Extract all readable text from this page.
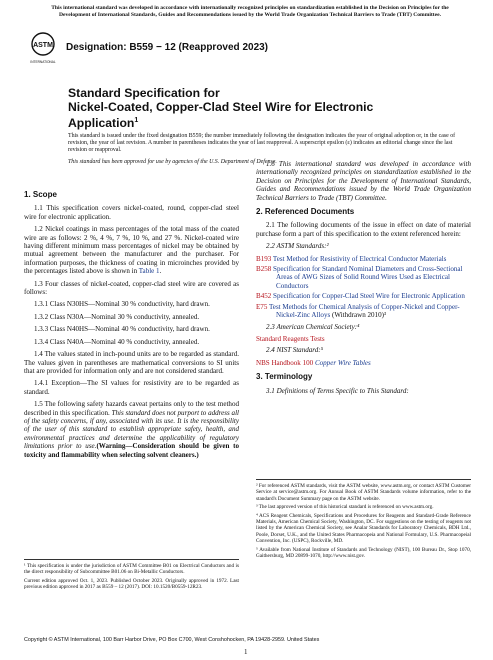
This international standard was developed in accordance with internationally recognized principles on standardization established in the Decision on Principles for the Development of International Standards, Guides and Recommendations issued by the World Trade Organization Technical Barriers to Trade (TBT) Committee.
ASTM
INTERNATIONAL
Designation: B559 − 12 (Reapproved 2023)
Standard Specification for
Nickel-Coated, Copper-Clad Steel Wire for Electronic Application$^1$
This standard is issued under the fixed designation B559; the number immediately following the designation indicates the year of original adoption or, in the case of revision, the year of last revision. A number in parentheses indicates the year of last reapproval. A superscript epsilon (ε) indicates an editorial change since the last revision or reapproval.
This standard has been approved for use by agencies of the U.S. Department of Defense.
1. Scope

1.1 This specification covers nickel-coated, round, copper-clad steel wire for electronic application.

1.2 Nickel coatings in mass percentages of the total mass of the coated wire are as follows: 2 %, 4 %, 7 %, 10 %, and 27 %. Nickel-coated wire having different minimum mass percentages of nickel may be obtained by mutual agreement between the manufacturer and the purchaser. For information purposes, the thickness of coating in microinches provided by the percentages listed above is shown in Table 1.

1.3 Four classes of nickel-coated, copper-clad steel wire are covered as follows:

1.3.1 Class N30HS—Nominal 30 % conductivity, hard drawn.

1.3.2 Class N30A—Nominal 30 % conductivity, annealed.

1.3.3 Class N40HS—Nominal 40 % conductivity, hard drawn.

1.3.4 Class N40A—Nominal 40 % conductivity, annealed.

1.4 The values stated in inch-pound units are to be regarded as standard. The values given in parentheses are mathematical conversions to SI units that are provided for information only and are not considered standard.

1.4.1 Exception—The SI values for resistivity are to be regarded as standard.

1.5 The following safety hazards caveat pertains only to the test method described in this specification. This standard does not purport to address all of the safety concerns, if any, associated with its use. It is the responsibility of the user of this standard to establish appropriate safety, health, and environmental practices and determine the applicability of regulatory limitations prior to use.(Warning—Consideration should be given to toxicity and flammability when selecting solvent cleaners.)

1.6 This international standard was developed in accordance with internationally recognized principles on standardization established in the Decision on Principles for the Development of International Standards, Guides and Recommendations issued by the World Trade Organization Technical Barriers to Trade (TBT) Committee.

2. Referenced Documents

2.1 The following documents of the issue in effect on date of material purchase form a part of this specification to the extent referenced herein:

2.2 ASTM Standards:²

B193 Test Method for Resistivity of Electrical Conductor Materials
B258 Specification for Standard Nominal Diameters and Cross-Sectional Areas of AWG Sizes of Solid Round Wires Used as Electrical Conductors
B452 Specification for Copper-Clad Steel Wire for Electronic Application
E75 Test Methods for Chemical Analysis of Copper-Nickel and Copper-Nickel-Zinc Alloys (Withdrawn 2010)³

2.3 American Chemical Society:⁴

Standard Reagents Tests

2.4 NIST Standard:⁵

NBS Handbook 100 Copper Wire Tables
3. Terminology

3.1 Definitions of Terms Specific to This Standard:

¹ This specification is under the jurisdiction of ASTM Committee B01 on Electrical Conductors and is the direct responsibility of Subcommittee B01.06 on Bi-Metallic Conductors.

Current edition approved Oct. 1, 2023. Published October 2023. Originally approved in 1972. Last previous edition approved in 2017 as B559 – 12 (2017). DOI: 10.1520/B0559-12R23.

² For referenced ASTM standards, visit the ASTM website, www.astm.org, or contact ASTM Customer Service at service@astm.org. For Annual Book of ASTM Standards volume information, refer to the standard's Document Summary page on the ASTM website.

³ The last approved version of this historical standard is referenced on www.astm.org.

⁴ ACS Reagent Chemicals, Specifications and Procedures for Reagents and Standard-Grade Reference Materials, American Chemical Society, Washington, DC. For suggestions on the testing of reagents not listed by the American Chemical Society, see Analar Standards for Laboratory Chemicals, BDH Ltd., Poole, Dorset, U.K., and the United States Pharmacopeia and National Formulary, U.S. Pharmacopeial Convention, Inc. (USPC), Rockville, MD.

⁵ Available from National Institute of Standards and Technology (NIST), 100 Bureau Dr., Stop 1070, Gaithersburg, MD 20899-1070, http://www.nist.gov.

Copyright © ASTM International, 100 Barr Harbor Drive, PO Box C700, West Conshohocken, PA 19428-2959. United States
1
